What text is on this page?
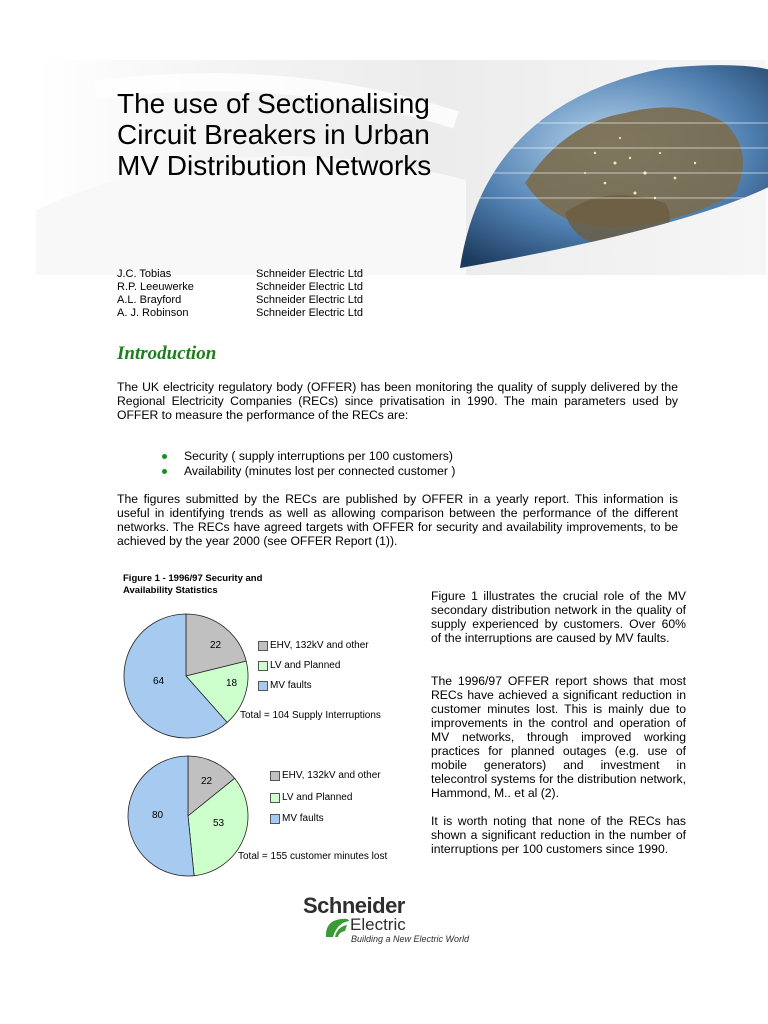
The use of Sectionalising Circuit Breakers in Urban MV Distribution Networks
J.C. Tobias	Schneider Electric Ltd
R.P. Leeuwerke	Schneider Electric Ltd
A.L. Brayford	Schneider Electric Ltd
A. J. Robinson	Schneider Electric Ltd
Introduction

The UK electricity regulatory body (OFFER) has been monitoring the quality of supply delivered by the Regional Electricity Companies (RECs) since privatisation in 1990. The main parameters used by OFFER to measure the performance of the RECs are:

Security ( supply interruptions per 100 customers)
Availability (minutes lost per connected customer )

The figures submitted by the RECs are published by OFFER in a yearly report. This information is useful in identifying trends as well as allowing comparison between the performance of the different networks. The RECs have agreed targets with OFFER for security and availability improvements, to be achieved by the year 2000 (see OFFER Report (1)).

Figure 1 - 1996/97 Security and Availability Statistics
22
18
64
22
53
80
EHV, 132kV and other
LV and Planned
MV faults
Total = 104 Supply Interruptions
EHV, 132kV and other
LV and Planned
MV faults
Total = 155 customer minutes lost

Figure 1 illustrates the crucial role of the MV secondary distribution network in the quality of supply experienced by customers. Over 60% of the interruptions are caused by MV faults.

The 1996/97 OFFER report shows that most RECs have achieved a significant reduction in customer minutes lost. This is mainly due to improvements in the control and operation of MV networks, through improved working practices for planned outages (e.g. use of mobile generators) and investment in telecontrol systems for the distribution network, Hammond, M.. et al (2).

It is worth noting that none of the RECs has shown a significant reduction in the number of interruptions per 100 customers since 1990.

Schneider
Electric
Building a New Electric World
